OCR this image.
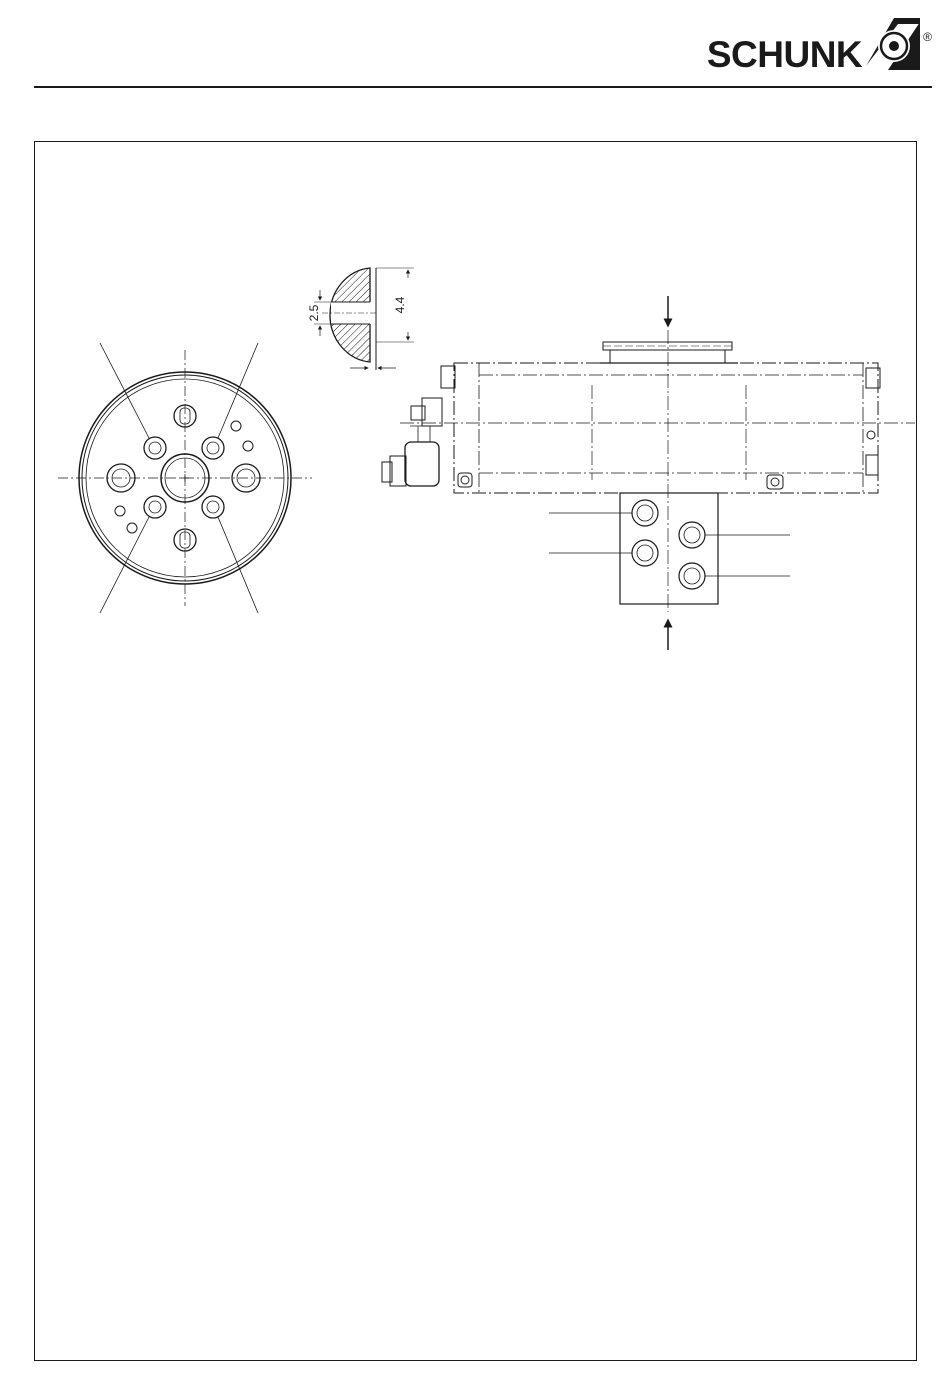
SCHUNK	®
2.5	4.4
